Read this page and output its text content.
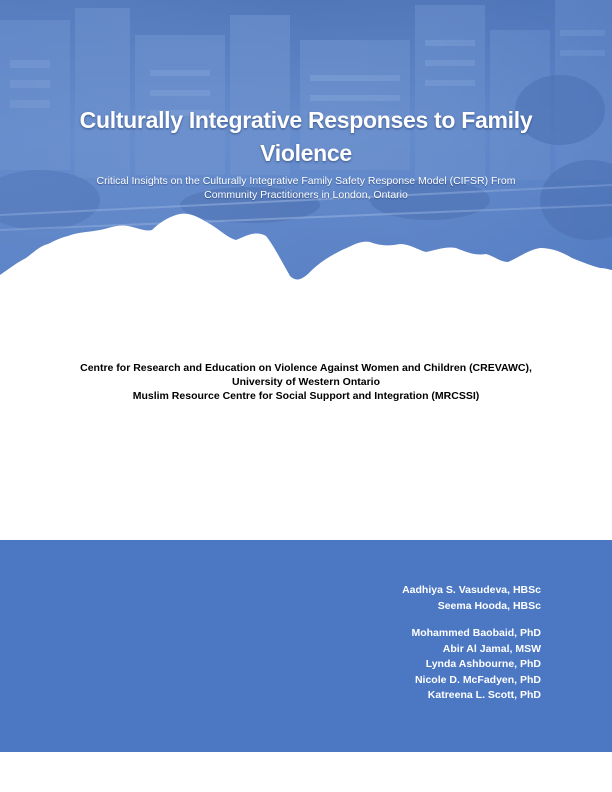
Culturally Integrative Responses to Family
Violence
Critical Insights on the Culturally Integrative Family Safety Response Model (CIFSR) From
Community Practitioners in London, Ontario
Centre for Research and Education on Violence Against Women and Children (CREVAWC),
University of Western Ontario
Muslim Resource Centre for Social Support and Integration (MRCSSI)
Aadhiya S. Vasudeva, HBSc
Seema Hooda, HBSc
Mohammed Baobaid, PhD
Abir Al Jamal, MSW
Lynda Ashbourne, PhD
Nicole D. McFadyen, PhD
Katreena L. Scott, PhD
